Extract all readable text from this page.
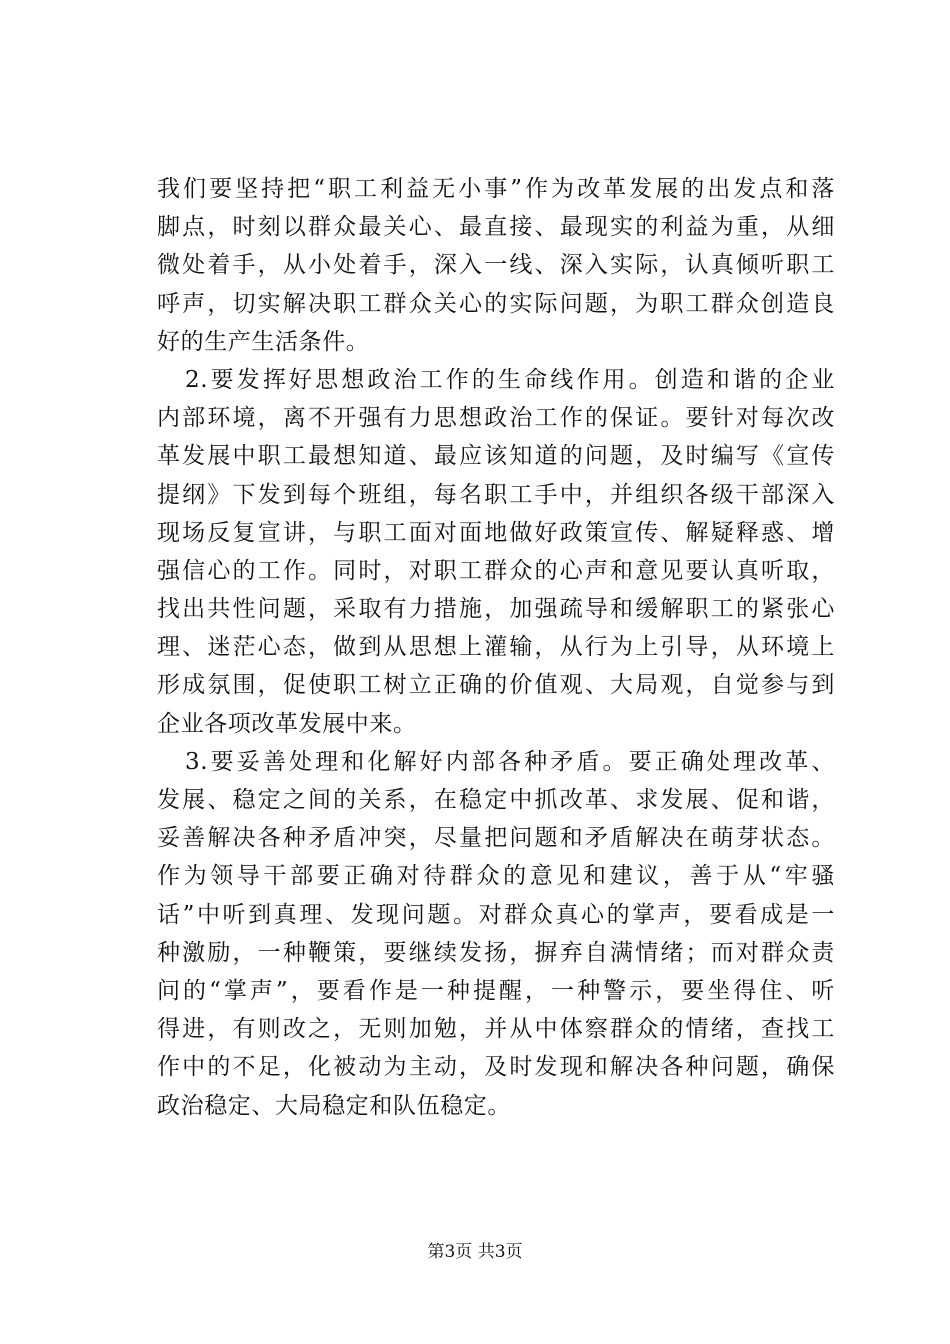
我们要坚持把“职工利益无小事”作为改革发展的出发点和落
脚点，时刻以群众最关心、最直接、最现实的利益为重，从细
微处着手，从小处着手，深入一线、深入实际，认真倾听职工
呼声，切实解决职工群众关心的实际问题，为职工群众创造良
好的生产生活条件。
2.要发挥好思想政治工作的生命线作用。创造和谐的企业
内部环境，离不开强有力思想政治工作的保证。要针对每次改
革发展中职工最想知道、最应该知道的问题，及时编写《宣传
提纲》下发到每个班组，每名职工手中，并组织各级干部深入
现场反复宣讲，与职工面对面地做好政策宣传、解疑释惑、增
强信心的工作。同时，对职工群众的心声和意见要认真听取，
找出共性问题，采取有力措施，加强疏导和缓解职工的紧张心
理、迷茫心态，做到从思想上灌输，从行为上引导，从环境上
形成氛围，促使职工树立正确的价值观、大局观，自觉参与到
企业各项改革发展中来。
3.要妥善处理和化解好内部各种矛盾。要正确处理改革、
发展、稳定之间的关系，在稳定中抓改革、求发展、促和谐，
妥善解决各种矛盾冲突，尽量把问题和矛盾解决在萌芽状态。
作为领导干部要正确对待群众的意见和建议，善于从“牢骚
话”中听到真理、发现问题。对群众真心的掌声，要看成是一
种激励，一种鞭策，要继续发扬，摒弃自满情绪；而对群众责
问的“掌声”，要看作是一种提醒，一种警示，要坐得住、听
得进，有则改之，无则加勉，并从中体察群众的情绪，查找工
作中的不足，化被动为主动，及时发现和解决各种问题，确保
政治稳定、大局稳定和队伍稳定。
第3页 共3页
